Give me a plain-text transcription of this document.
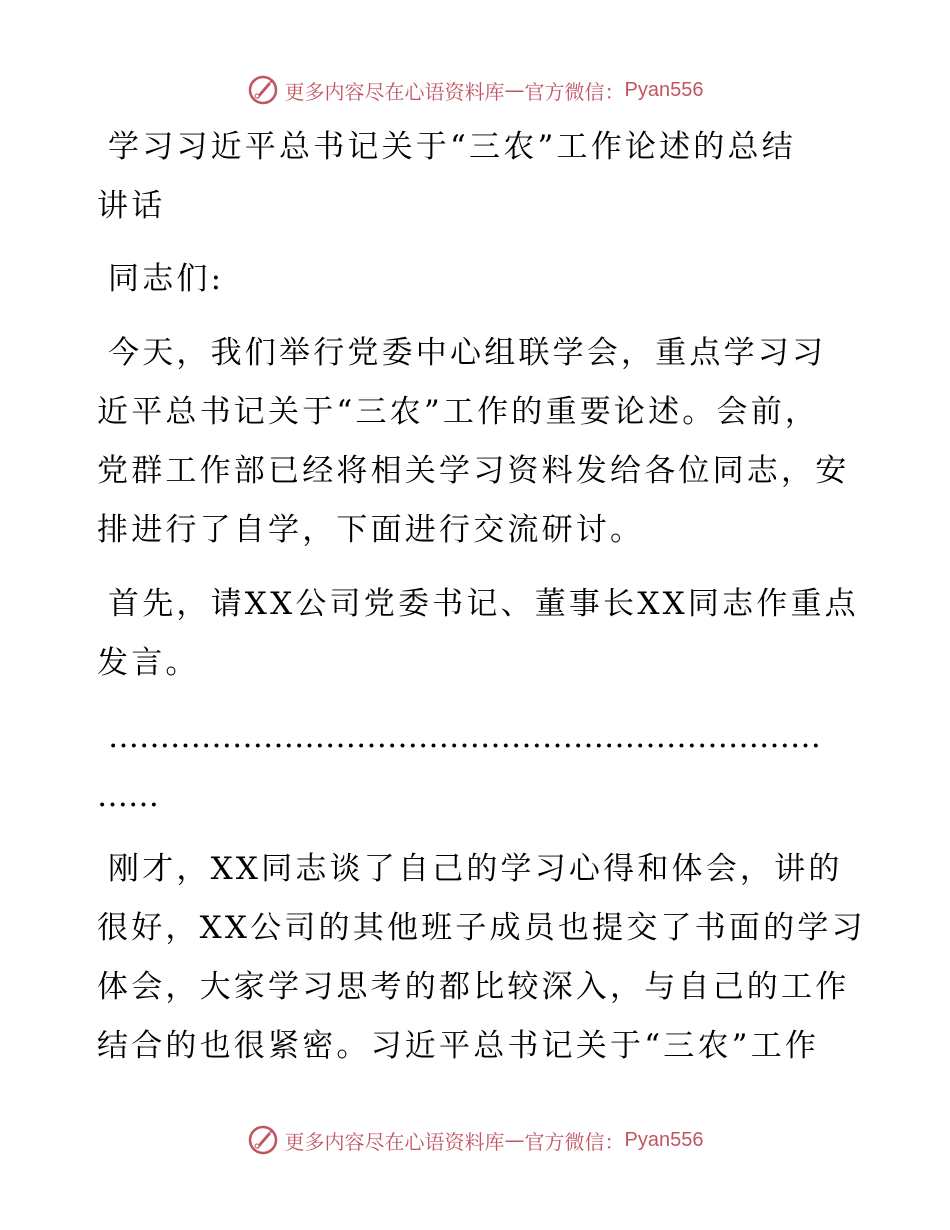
更多内容尽在心语资料库 — 官方微信： Pyan556
学习习近平总书记关于“三农”工作论述的总结
讲话
同志们:
今天，我们举行党委中心组联学会，重点学习习
近平总书记关于“三农”工作的重要论述。会前，
党群工作部已经将相关学习资料发给各位同志，安
排进行了自学，下面进行交流研讨。
首先，请XX公司党委书记、董事长XX同志作重点
发言。
……………………………………………………………
……
刚才，XX同志谈了自己的学习心得和体会，讲的
很好，XX公司的其他班子成员也提交了书面的学习
体会，大家学习思考的都比较深入，与自己的工作
结合的也很紧密。习近平总书记关于“三农”工作
更多内容尽在心语资料库 — 官方微信： Pyan556
